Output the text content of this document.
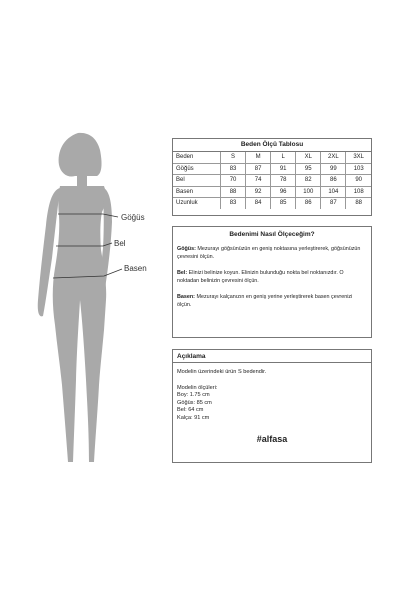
Göğüs
Bel
Basen
Beden Ölçü Tablosu
Beden	S	M	L	XL	2XL	3XL
Göğüs	83	87	91	95	99	103
Bel	70	74	78	82	86	90
Basen	88	92	96	100	104	108
Uzunluk	83	84	85	86	87	88
Bedenimi Nasıl Ölçeceğim?

Göğüs: Mezurayı göğsünüzün en geniş noktasına yerleştirerek, göğsünüzün çevresini ölçün.

Bel: Elinizi belinize koyun. Elinizin bulunduğu nokta bel noktanızdır. O noktadan belinizin çevresini ölçün.

Basen: Mezurayı kalçanızın en geniş yerine yerleştirerek basen çevrenizi ölçün.

Açıklama
Modelin üzerindeki ürün S bedendir.
Modelin ölçüleri:
Boy: 1.75 cm
Göğüs: 85 cm
Bel: 64 cm
Kalça: 91 cm
#alfasa
